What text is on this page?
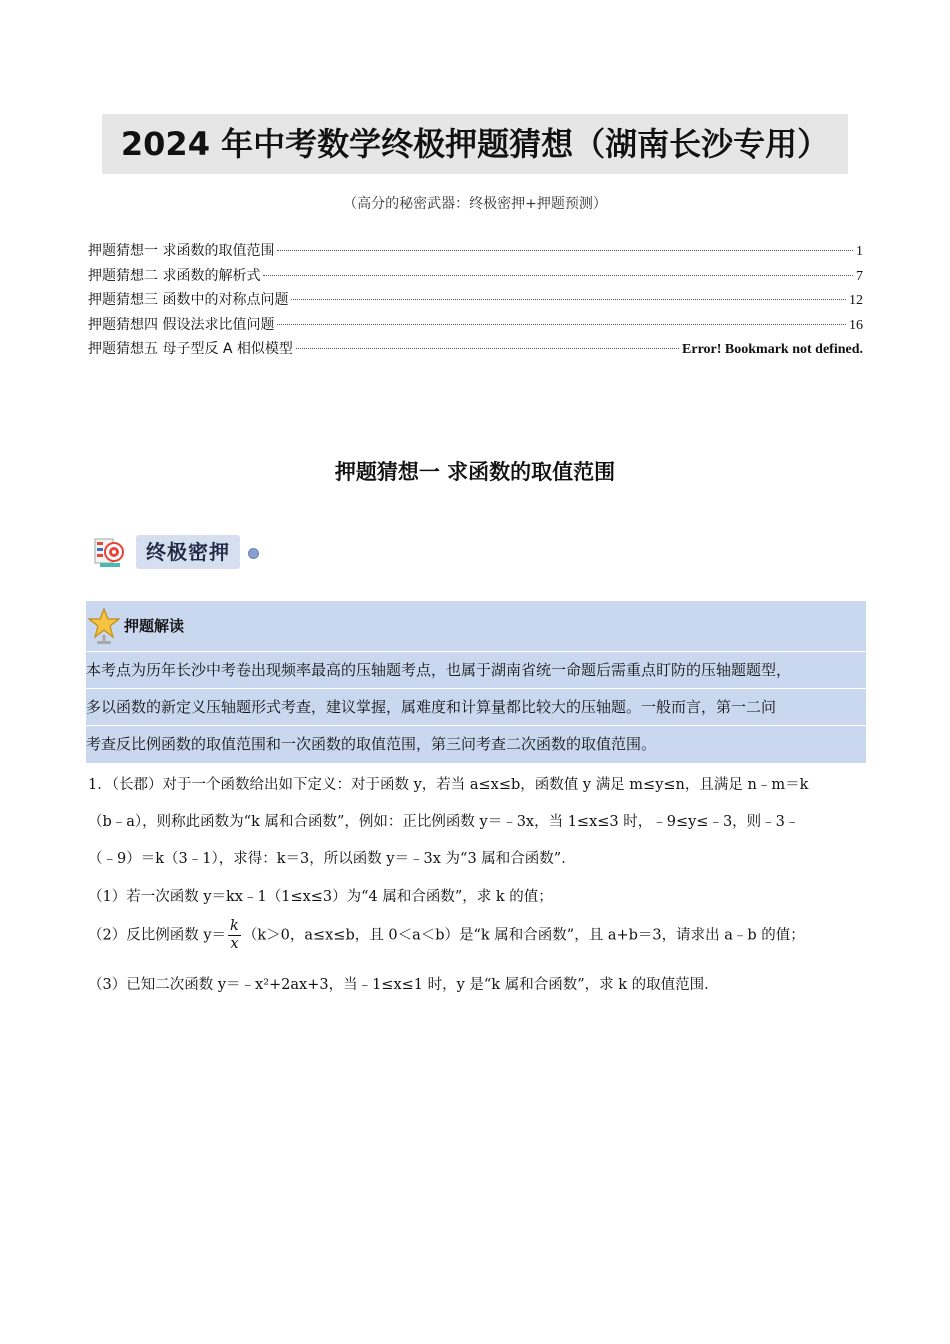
2024 年中考数学终极押题猜想（湖南长沙专用）
（高分的秘密武器：终极密押+押题预测）
押题猜想一 求函数的取值范围	1
押题猜想二 求函数的解析式	7
押题猜想三 函数中的对称点问题	12
押题猜想四 假设法求比值问题	16
押题猜想五 母子型反 A 相似模型	Error! Bookmark not defined.
押题猜想一 求函数的取值范围
终极密押
押题解读
本考点为历年长沙中考卷出现频率最高的压轴题考点，也属于湖南省统一命题后需重点盯防的压轴题题型，
多以函数的新定义压轴题形式考查，建议掌握，属难度和计算量都比较大的压轴题。一般而言，第一二问
考查反比例函数的取值范围和一次函数的取值范围，第三问考查二次函数的取值范围。
1．（长郡）对于一个函数给出如下定义：对于函数 y，若当 a≤x≤b，函数值 y 满足 m≤y≤n，且满足 n﹣m＝k
（b﹣a），则称此函数为“k 属和合函数”，例如：正比例函数 y＝﹣3x，当 1≤x≤3 时，﹣9≤y≤﹣3，则﹣3﹣
（﹣9）＝k（3﹣1），求得：k＝3，所以函数 y＝﹣3x 为“3 属和合函数”．
（1）若一次函数 y＝kx﹣1（1≤x≤3）为“4 属和合函数”，求 k 的值；
（2）反比例函数 $y= \frac{k}{x} (k>0$，a≤x≤b，且 0＜a＜b）是“k 属和合函数”，且 a+b＝3，请求出 a﹣b 的值；
（3）已知二次函数 y＝﹣x²+2ax+3，当﹣1≤x≤1 时，y 是“k 属和合函数”，求 k 的取值范围．
